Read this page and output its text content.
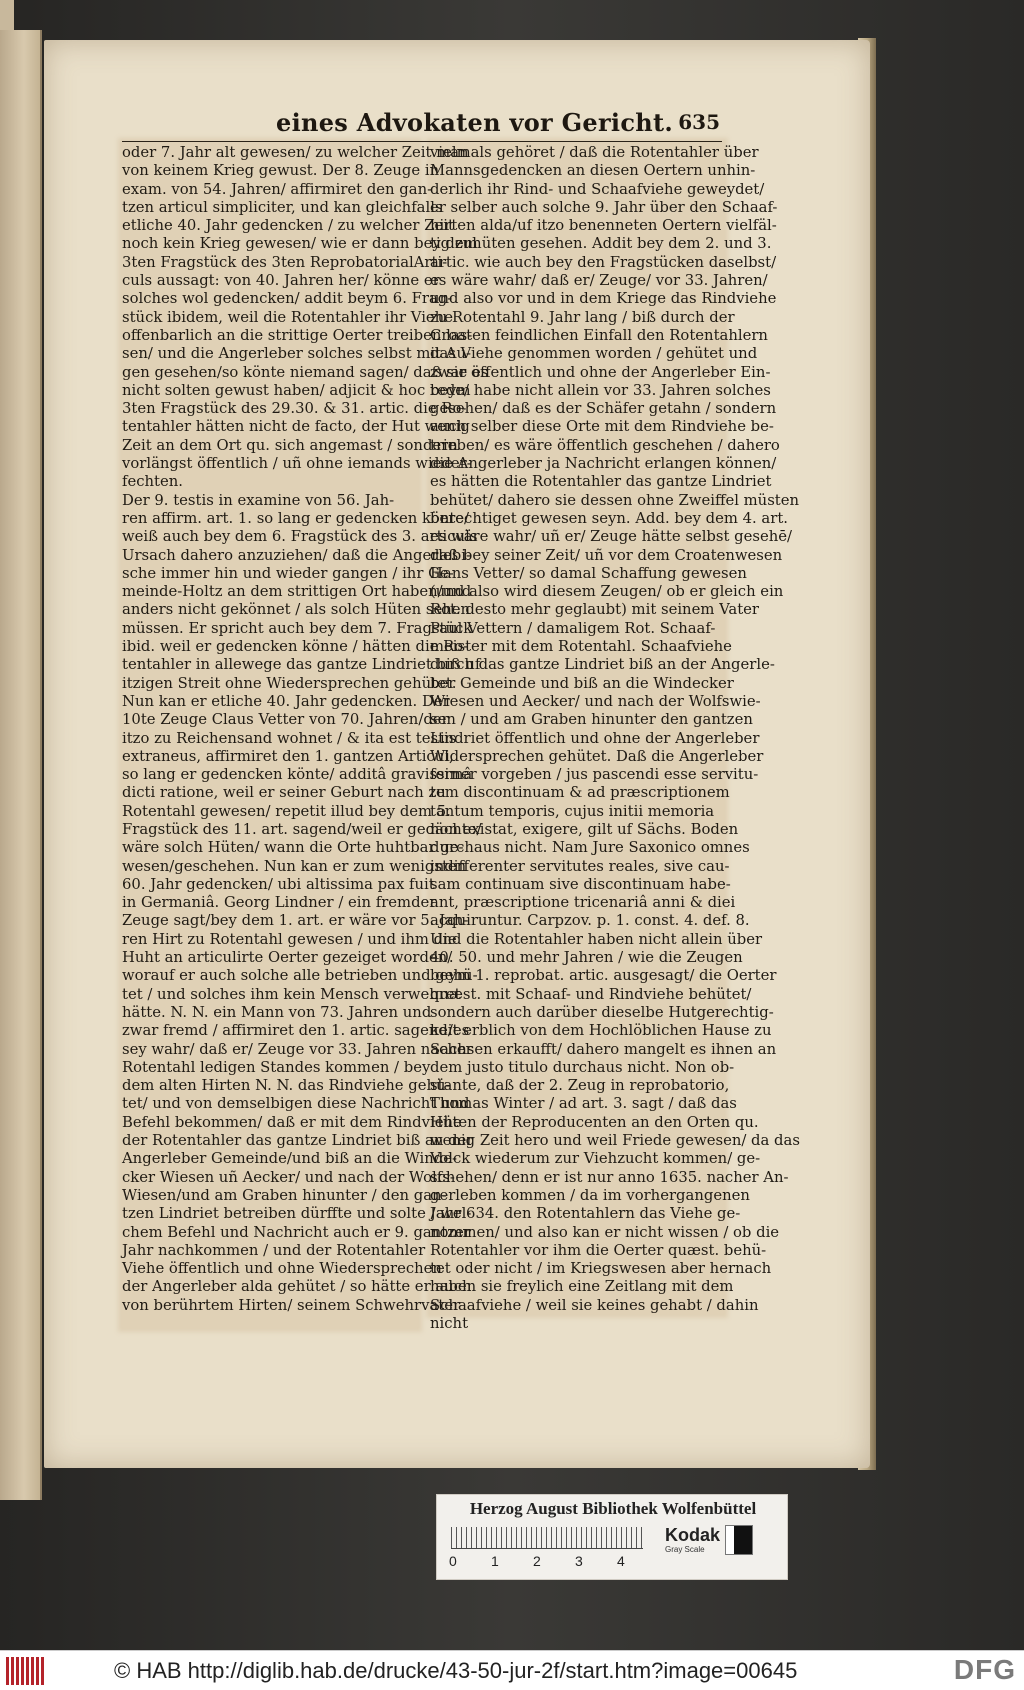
eines Advokaten vor Gericht. 635
oder 7. Jahr alt gewesen/ zu welcher Zeit man
von keinem Krieg gewust. Der 8. Zeuge in
exam. von 54. Jahren/ affirmiret den gan-
tzen articul simpliciter, und kan gleichfalls
etliche 40. Jahr gedencken / zu welcher Zeit
noch kein Krieg gewesen/ wie er dann bey dem
3ten Fragstück des 3ten ReprobatorialArti-
culs aussagt: von 40. Jahren her/ könne er
solches wol gedencken/ addit beym 6. Frag-
stück ibidem, weil die Rotentahler ihr Viehe
offenbarlich an die strittige Oerter treiben las-
sen/ und die Angerleber solches selbst mit Au-
gen gesehen/so könte niemand sagen/ daß sie es
nicht solten gewust haben/ adjicit & hoc beym
3ten Fragstück des 29.30. & 31. artic. die Ro-
tentahler hätten nicht de facto, der Hut wenig
Zeit an dem Ort qu. sich angemast / sondern
vorlängst öffentlich / uñ ohne iemands wieder-
fechten.
Der 9. testis in examine von 56. Jah-
ren affirm. art. 1. so lang er gedencken könte/
weiß auch bey dem 6. Fragstück des 3. articuls
Ursach dahero anzuziehen/ daß die Angerlebi-
sche immer hin und wieder gangen / ihr Ge-
meinde-Holtz an dem strittigen Ort haben/und
anders nicht gekönnet / als solch Hüten sehen
müssen. Er spricht auch bey dem 7. Fragstück
ibid. weil er gedencken könne / hätten die Ro-
tentahler in allewege das gantze Lindriet biß uf
itzigen Streit ohne Wiedersprechen gehütet.
Nun kan er etliche 40. Jahr gedencken. Der
10te Zeuge Claus Vetter von 70. Jahren/der
itzo zu Reichensand wohnet / & ita est testis
extraneus, affirmiret den 1. gantzen Articul,
so lang er gedencken könte/ additâ gravissimâ
dicti ratione, weil er seiner Geburt nach zu
Rotentahl gewesen/ repetit illud bey dem 5.
Fragstück des 11. art. sagend/weil er gedächte/
wäre solch Hüten/ wann die Orte huhtbar ge-
wesen/geschehen. Nun kan er zum wenigsten
60. Jahr gedencken/ ubi altissima pax fuit
in Germaniâ. Georg Lindner / ein fremder
Zeuge sagt/bey dem 1. art. er wäre vor 5. Jah-
ren Hirt zu Rotentahl gewesen / und ihm die
Huht an articulirte Oerter gezeiget worden/
worauf er auch solche alle betrieben und gehü-
tet / und solches ihm kein Mensch verwehret
hätte. N. N. ein Mann von 73. Jahren und
zwar fremd / affirmiret den 1. artic. sagend/es
sey wahr/ daß er/ Zeuge vor 33. Jahren nacher
Rotentahl ledigen Standes kommen / bey
dem alten Hirten N. N. das Rindviehe gehü-
tet/ und von demselbigen diese Nachricht und
Befehl bekommen/ daß er mit dem Rindviehe
der Rotentahler das gantze Lindriet biß an der
Angerleber Gemeinde/und biß an die Winde-
cker Wiesen uñ Aecker/ und nach der Wolfs-
Wiesen/und am Graben hinunter / den gan-
tzen Lindriet betreiben dürffte und solte / wel-
chem Befehl und Nachricht auch er 9. gantzer
Jahr nachkommen / und der Rotentahler
Viehe öffentlich und ohne Wiedersprechen
der Angerleber alda gehütet / so hätte er auch
von berührtem Hirten/ seinem Schwehrvater
vielmals gehöret / daß die Rotentahler über
Mannsgedencken an diesen Oertern unhin-
derlich ihr Rind- und Schaafviehe geweydet/
er selber auch solche 9. Jahr über den Schaaf-
hirten alda/uf itzo benenneten Oertern vielfäl-
tig zuhüten gesehen. Addit bey dem 2. und 3.
artic. wie auch bey den Fragstücken daselbst/
es wäre wahr/ daß er/ Zeuge/ vor 33. Jahren/
und also vor und in dem Kriege das Rindviehe
zu Rotentahl 9. Jahr lang / biß durch der
Croaten feindlichen Einfall den Rotentahlern
das Viehe genommen worden / gehütet und
zwar öffentlich und ohne der Angerleber Ein-
rede/ habe nicht allein vor 33. Jahren solches
gesehen/ daß es der Schäfer getahn / sondern
auch selber diese Orte mit dem Rindviehe be-
trieben/ es wäre öffentlich geschehen / dahero
die Angerleber ja Nachricht erlangen können/
es hätten die Rotentahler das gantze Lindriet
behütet/ dahero sie dessen ohne Zweiffel müsten
berechtiget gewesen seyn. Add. bey dem 4. art.
es wäre wahr/ uñ er/ Zeuge hätte selbst gesehē/
daß bey seiner Zeit/ uñ vor dem Croatenwesen
Hans Vetter/ so damal Schaffung gewesen
(und also wird diesem Zeugen/ ob er gleich ein
Rot. desto mehr geglaubt) mit seinem Vater
Paul Vettern / damaligem Rot. Schaaf-
meister mit dem Rotentahl. Schaafviehe
durch das gantze Lindriet biß an der Angerle-
ber Gemeinde und biß an die Windecker
Wiesen und Aecker/ und nach der Wolfswie-
sen / und am Graben hinunter den gantzen
Lindriet öffentlich und ohne der Angerleber
Widersprechen gehütet. Daß die Angerleber
ferner vorgeben / jus pascendi esse servitu-
tem discontinuam & ad præscriptionem
tantum temporis, cujus initii memoria
non existat, exigere, gilt uf Sächs. Boden
durchaus nicht. Nam Jure Saxonico omnes
indifferenter servitutes reales, sive cau-
sam continuam sive discontinuam habe-
ant, præscriptione tricenariâ anni & diei
acquiruntur. Carpzov. p. 1. const. 4. def. 8.
Und die Rotentahler haben nicht allein über
40. 50. und mehr Jahren / wie die Zeugen
beym 1. reprobat. artic. ausgesagt/ die Oerter
quæst. mit Schaaf- und Rindviehe behütet/
sondern auch darüber dieselbe Hutgerechtig-
keit erblich von dem Hochlöblichen Hause zu
Sachsen erkaufft/ dahero mangelt es ihnen an
dem justo titulo durchaus nicht. Non ob-
stante, daß der 2. Zeug in reprobatorio,
Thomas Winter / ad art. 3. sagt / daß das
Hüten der Reproducenten an den Orten qu.
wenig Zeit hero und weil Friede gewesen/ da das
Volck wiederum zur Viehzucht kommen/ ge-
schehen/ denn er ist nur anno 1635. nacher An-
gerleben kommen / da im vorhergangenen
Jahr 634. den Rotentahlern das Viehe ge-
nommen/ und also kan er nicht wissen / ob die
Rotentahler vor ihm die Oerter quæst. behü-
tet oder nicht / im Kriegswesen aber hernach
haben sie freylich eine Zeitlang mit dem
Schaafviehe / weil sie keines gehabt / dahin
nicht
Herzog August Bibliothek Wolfenbüttel
0 1 2 3 4
Kodak
Gray Scale
© HAB http://diglib.hab.de/drucke/43-50-jur-2f/start.htm?image=00645	DFG
